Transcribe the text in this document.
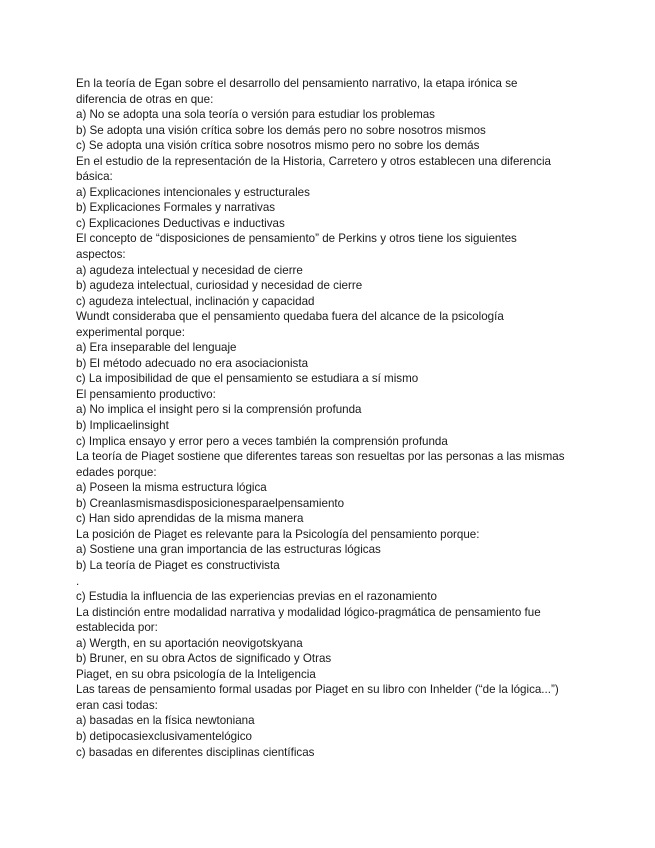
En la teoría de Egan sobre el desarrollo del pensamiento narrativo, la etapa irónica se
diferencia de otras en que:
a) No se adopta una sola teoría o versión para estudiar los problemas
b) Se adopta una visión crítica sobre los demás pero no sobre nosotros mismos
c) Se adopta una visión crítica sobre nosotros mismo pero no sobre los demás
En el estudio de la representación de la Historia, Carretero y otros establecen una diferencia
básica:
a) Explicaciones intencionales y estructurales
b) Explicaciones Formales y narrativas
c) Explicaciones Deductivas e inductivas
El concepto de “disposiciones de pensamiento” de Perkins y otros tiene los siguientes
aspectos:
a) agudeza intelectual y necesidad de cierre
b) agudeza intelectual, curiosidad y necesidad de cierre
c) agudeza intelectual, inclinación y capacidad
Wundt consideraba que el pensamiento quedaba fuera del alcance de la psicología
experimental porque:
a) Era inseparable del lenguaje
b) El método adecuado no era asociacionista
c) La imposibilidad de que el pensamiento se estudiara a sí mismo
El pensamiento productivo:
a) No implica el insight pero si la comprensión profunda
b) Implicaelinsight
c) Implica ensayo y error pero a veces también la comprensión profunda
La teoría de Piaget sostiene que diferentes tareas son resueltas por las personas a las mismas
edades porque:
a) Poseen la misma estructura lógica
b) Creanlasmismasdisposicionesparaelpensamiento
c) Han sido aprendidas de la misma manera
La posición de Piaget es relevante para la Psicología del pensamiento porque:
a) Sostiene una gran importancia de las estructuras lógicas
b) La teoría de Piaget es constructivista
.
c) Estudia la influencia de las experiencias previas en el razonamiento
La distinción entre modalidad narrativa y modalidad lógico-pragmática de pensamiento fue
establecida por:
a) Wergth, en su aportación neovigotskyana
b) Bruner, en su obra Actos de significado y Otras
Piaget, en su obra psicología de la Inteligencia
Las tareas de pensamiento formal usadas por Piaget en su libro con Inhelder (“de la lógica...”)
eran casi todas:
a) basadas en la física newtoniana
b) detipocasiexclusivamentelógico
c) basadas en diferentes disciplinas científicas
